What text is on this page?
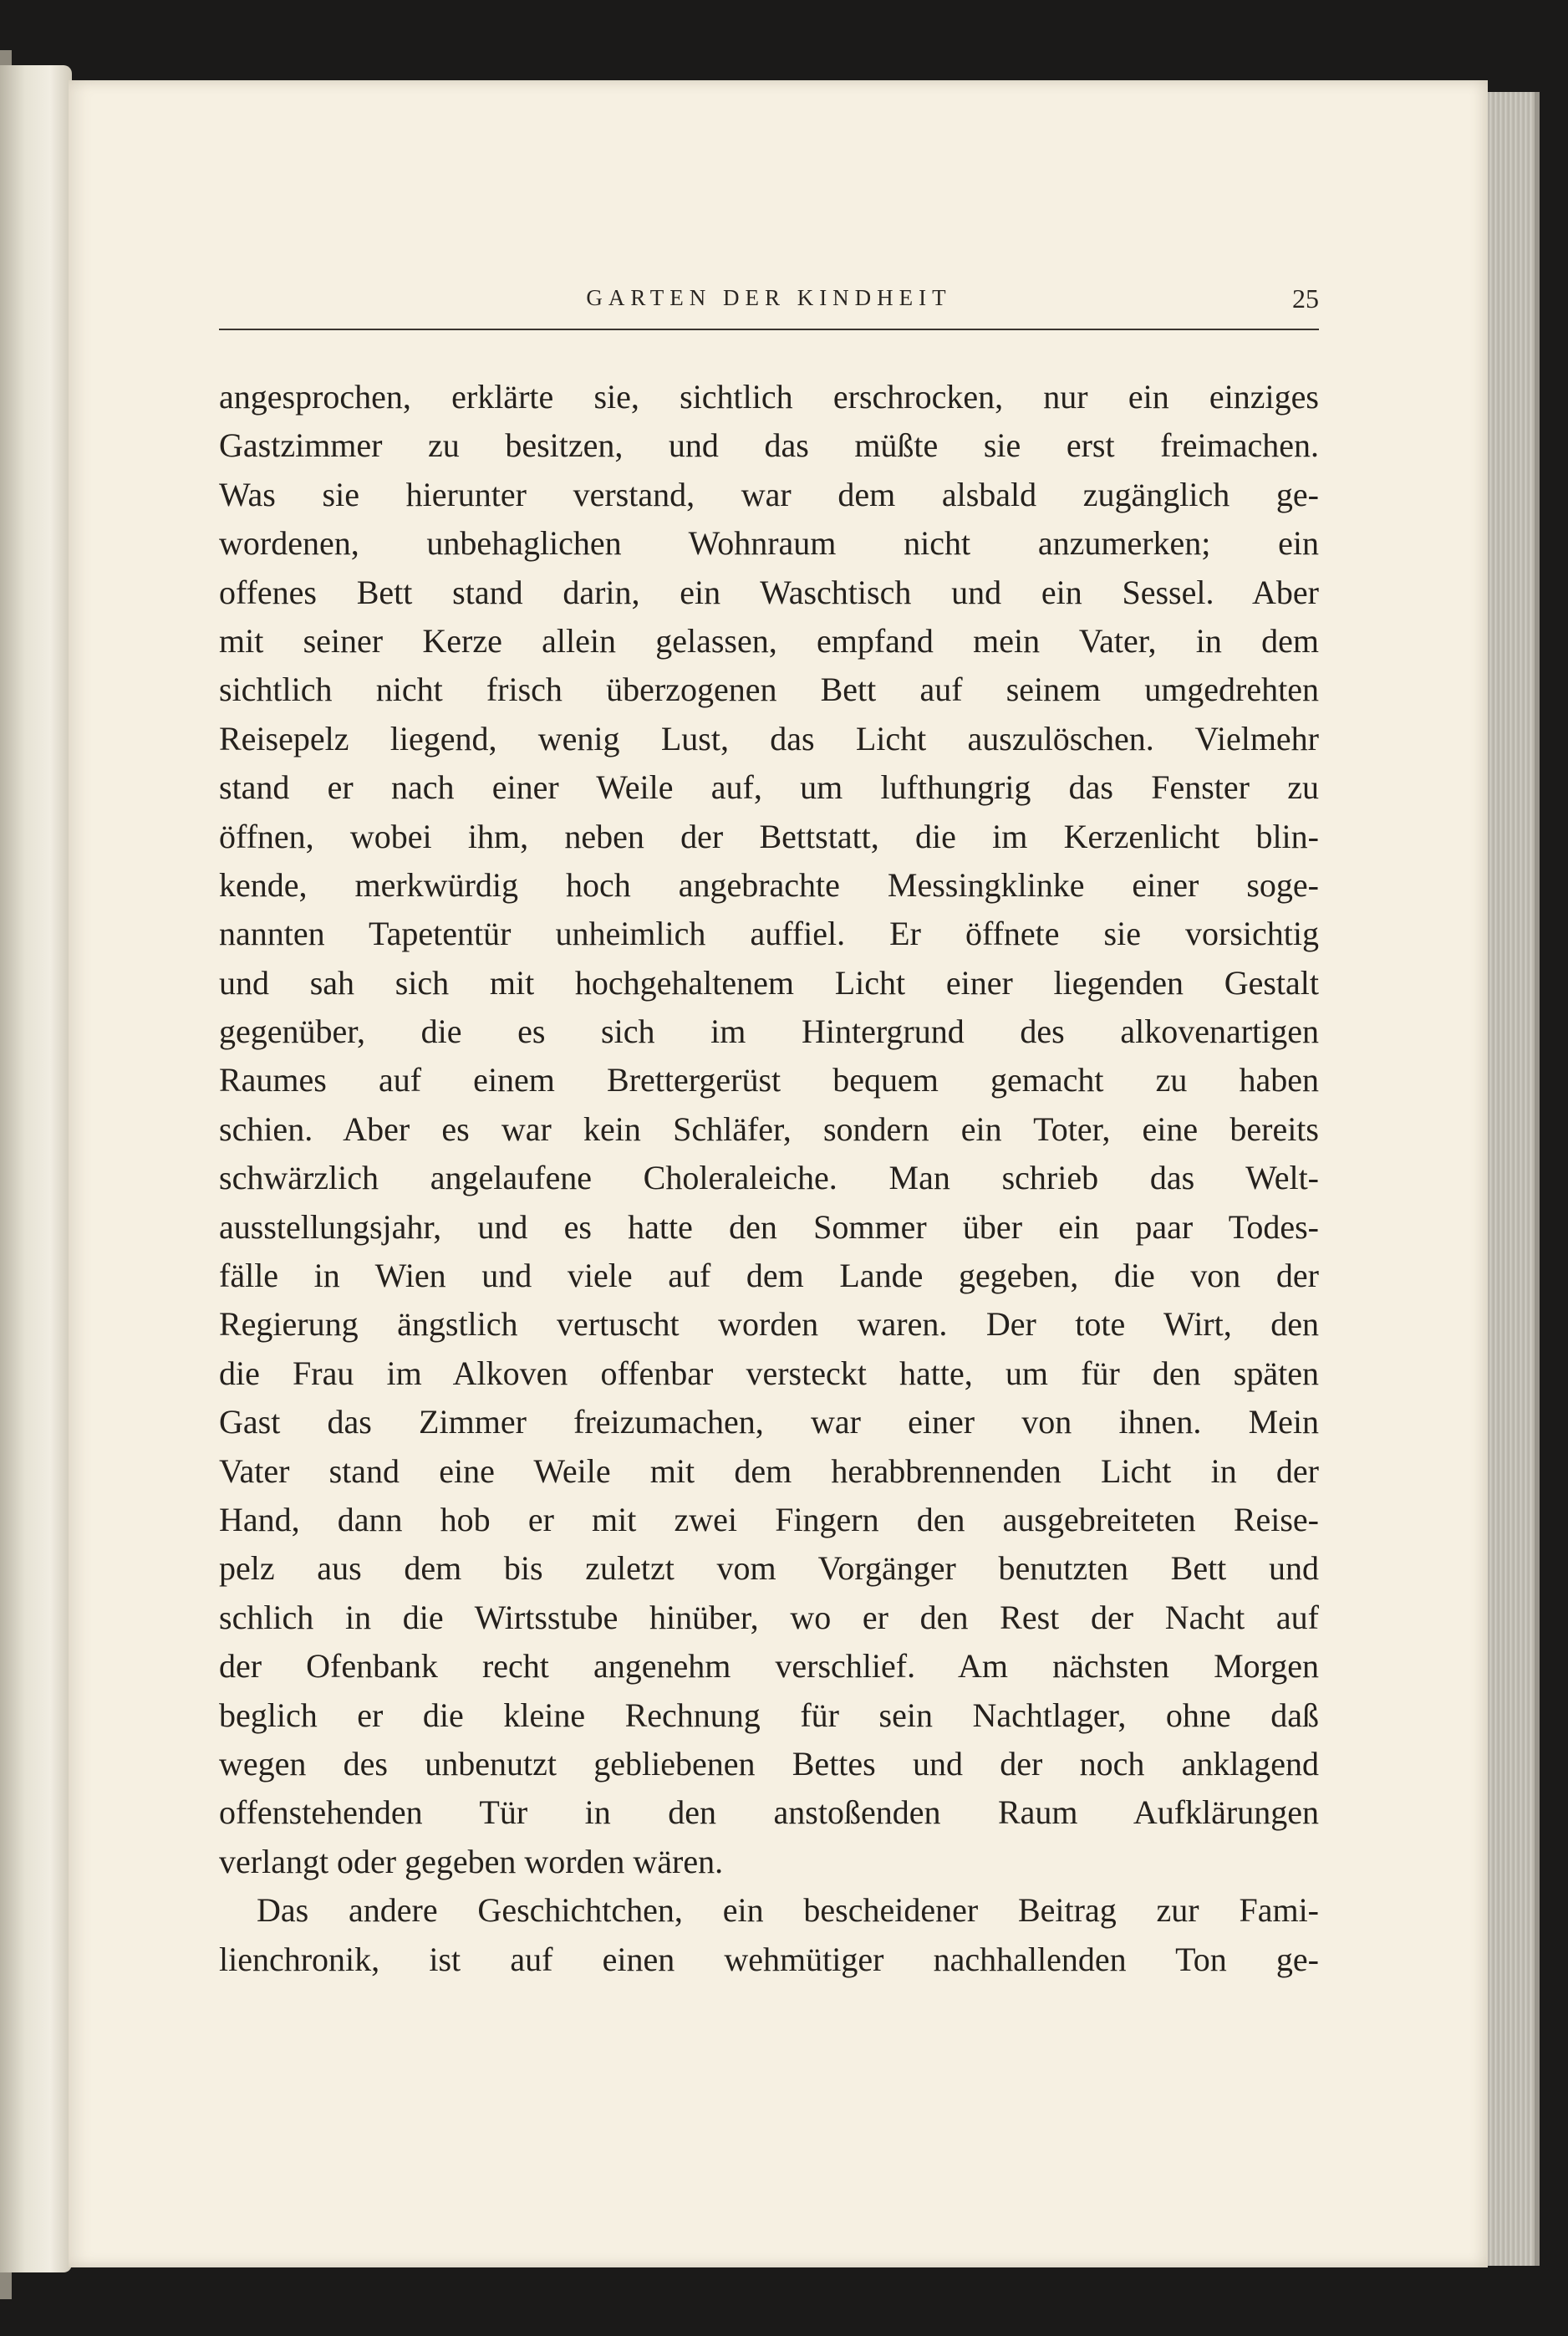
GARTEN DER KINDHEIT	25
angesprochen, erklärte sie, sichtlich erschrocken, nur ein einziges
Gastzimmer zu besitzen, und das müßte sie erst freimachen.
Was sie hierunter verstand, war dem alsbald zugänglich ge-
wordenen, unbehaglichen Wohnraum nicht anzumerken; ein
offenes Bett stand darin, ein Waschtisch und ein Sessel. Aber
mit seiner Kerze allein gelassen, empfand mein Vater, in dem
sichtlich nicht frisch überzogenen Bett auf seinem umgedrehten
Reisepelz liegend, wenig Lust, das Licht auszulöschen. Vielmehr
stand er nach einer Weile auf, um lufthungrig das Fenster zu
öffnen, wobei ihm, neben der Bettstatt, die im Kerzenlicht blin-
kende, merkwürdig hoch angebrachte Messingklinke einer soge-
nannten Tapetentür unheimlich auffiel. Er öffnete sie vorsichtig
und sah sich mit hochgehaltenem Licht einer liegenden Gestalt
gegenüber, die es sich im Hintergrund des alkovenartigen
Raumes auf einem Brettergerüst bequem gemacht zu haben
schien. Aber es war kein Schläfer, sondern ein Toter, eine bereits
schwärzlich angelaufene Choleraleiche. Man schrieb das Welt-
ausstellungsjahr, und es hatte den Sommer über ein paar Todes-
fälle in Wien und viele auf dem Lande gegeben, die von der
Regierung ängstlich vertuscht worden waren. Der tote Wirt, den
die Frau im Alkoven offenbar versteckt hatte, um für den späten
Gast das Zimmer freizumachen, war einer von ihnen. Mein
Vater stand eine Weile mit dem herabbrennenden Licht in der
Hand, dann hob er mit zwei Fingern den ausgebreiteten Reise-
pelz aus dem bis zuletzt vom Vorgänger benutzten Bett und
schlich in die Wirtsstube hinüber, wo er den Rest der Nacht auf
der Ofenbank recht angenehm verschlief. Am nächsten Morgen
beglich er die kleine Rechnung für sein Nachtlager, ohne daß
wegen des unbenutzt gebliebenen Bettes und der noch anklagend
offenstehenden Tür in den anstoßenden Raum Aufklärungen
verlangt oder gegeben worden wären.
Das andere Geschichtchen, ein bescheidener Beitrag zur Fami-
lienchronik, ist auf einen wehmütiger nachhallenden Ton ge-
